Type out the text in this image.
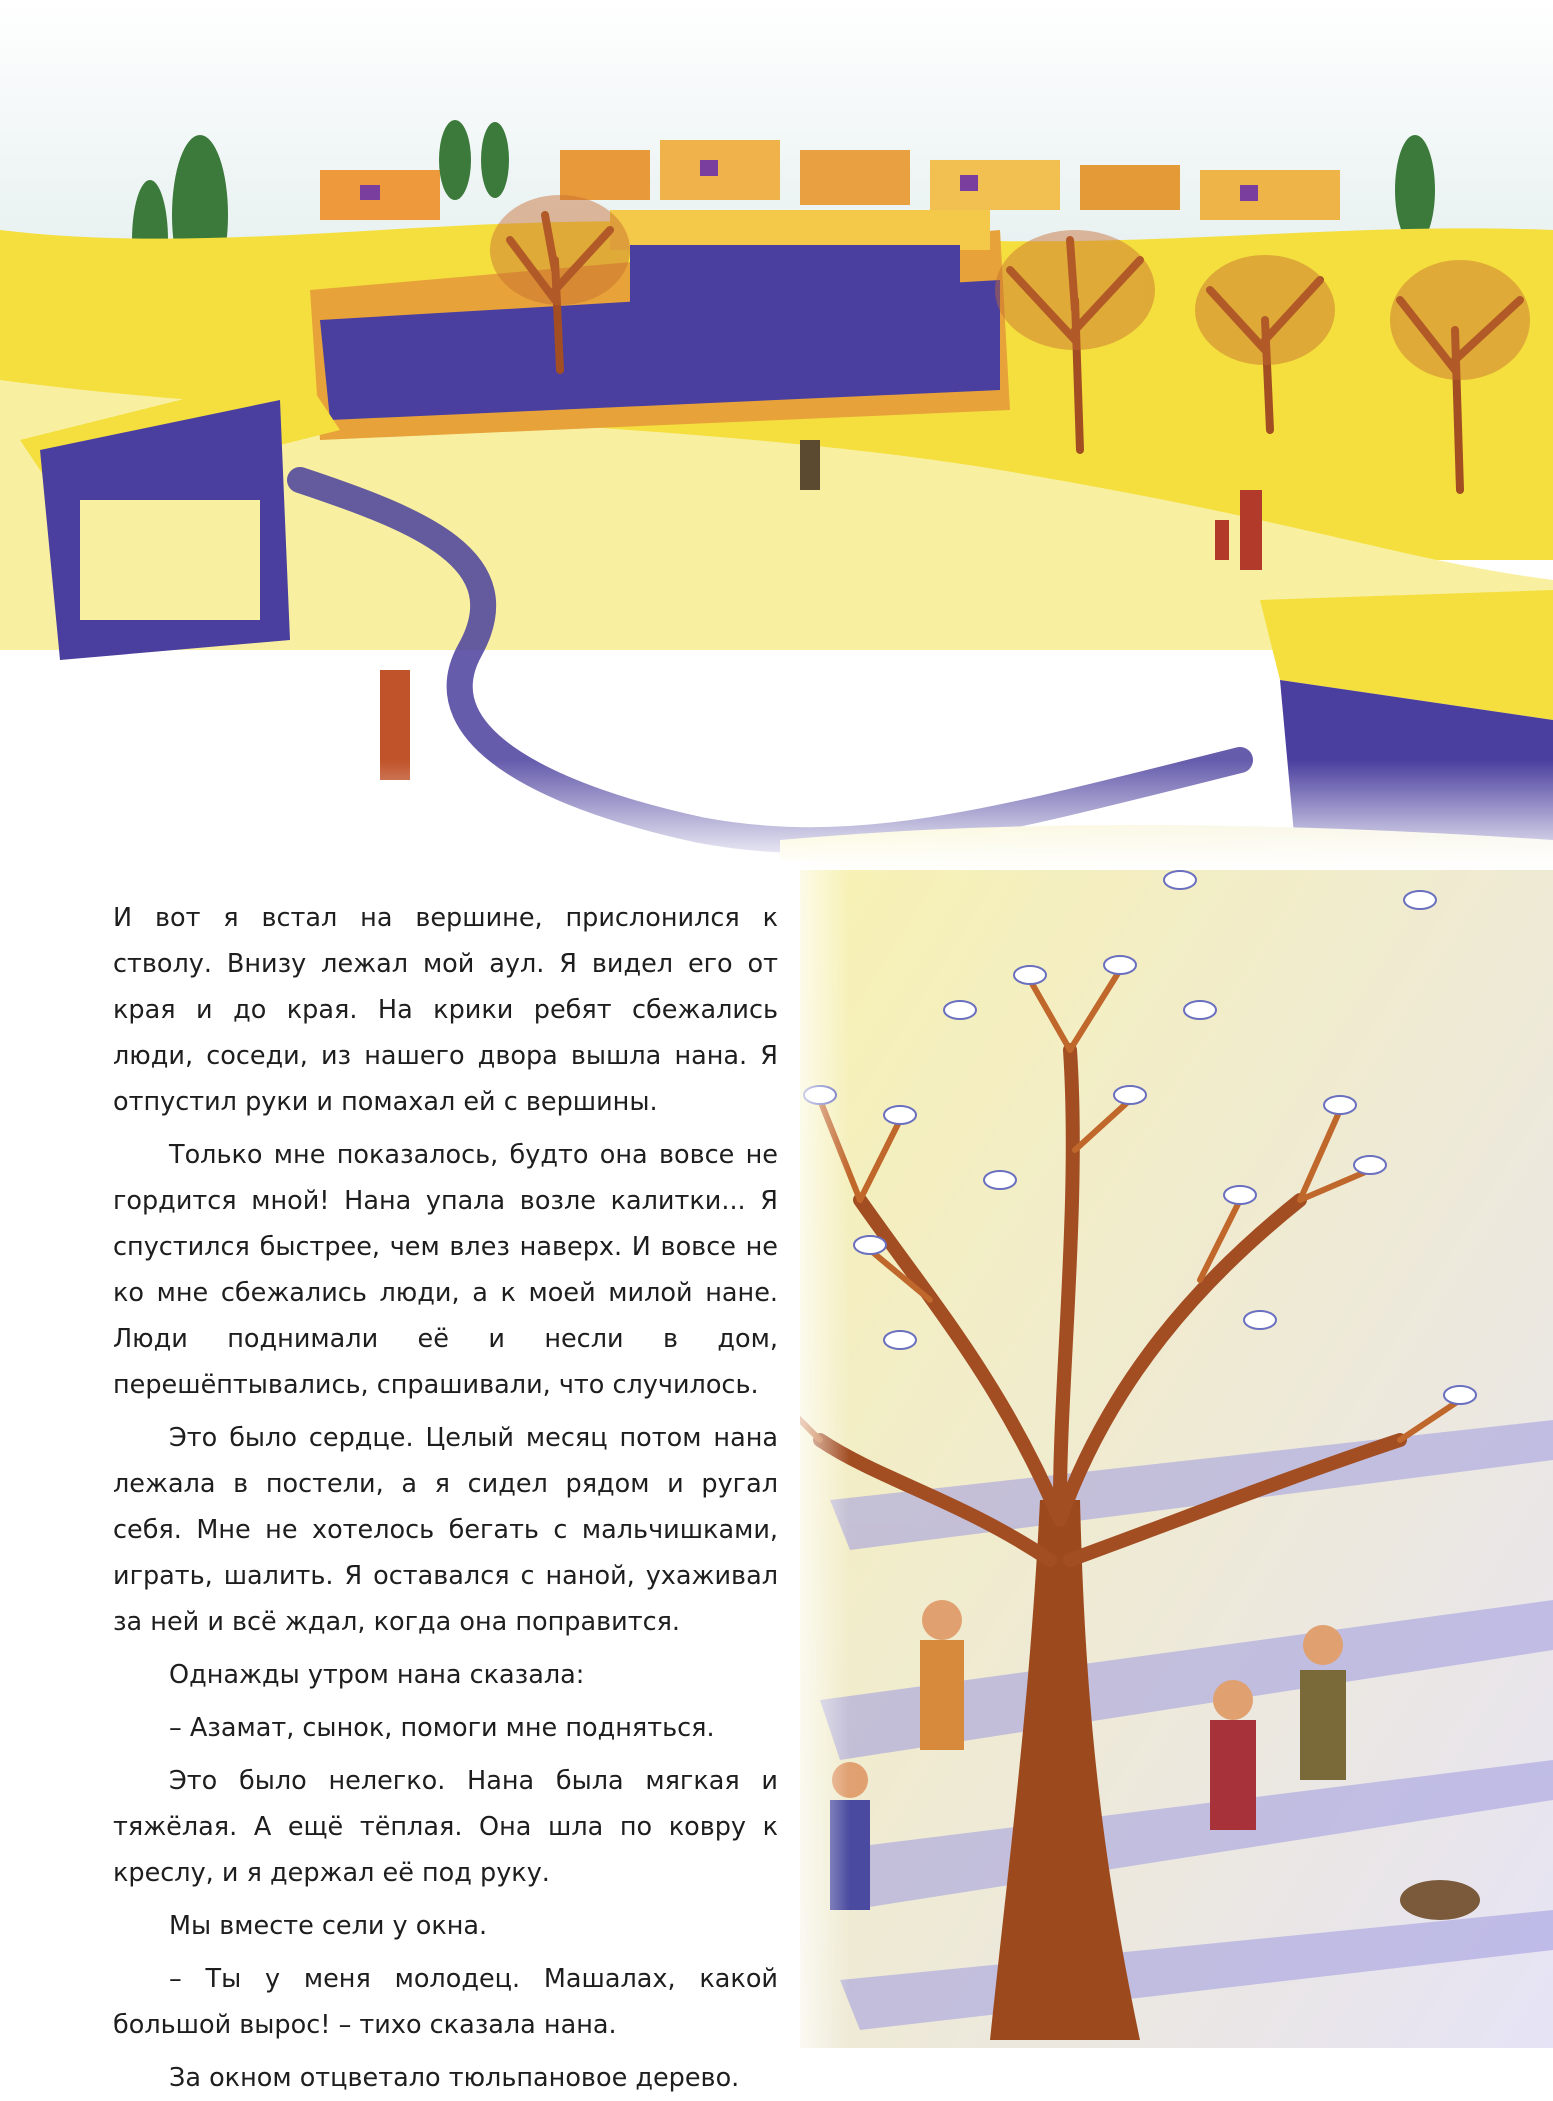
И вот я встал на вершине, прислонился к стволу. Внизу лежал мой аул. Я видел его от края и до края. На крики ребят сбежались люди, соседи, из нашего двора вышла нана. Я отпустил руки и помахал ей с вершины.

Только мне показалось, будто она вовсе не гордится мной! Нана упала возле калитки... Я спустился быстрее, чем влез наверх. И вовсе не ко мне сбежались люди, а к моей милой нане. Люди поднимали её и несли в дом, перешёптывались, спрашивали, что случилось.

Это было сердце. Целый месяц потом нана лежала в постели, а я сидел рядом и ругал себя. Мне не хотелось бегать с мальчишками, играть, шалить. Я оставался с наной, ухаживал за ней и всё ждал, когда она поправится.

Однажды утром нана сказала:

– Азамат, сынок, помоги мне подняться.

Это было нелегко. Нана была мягкая и тяжёлая. А ещё тёплая. Она шла по ковру к креслу, и я держал её под руку.

Мы вместе сели у окна.

– Ты у меня молодец. Машалах, какой большой вырос! – тихо сказала нана.

За окном отцветало тюльпановое дерево.
